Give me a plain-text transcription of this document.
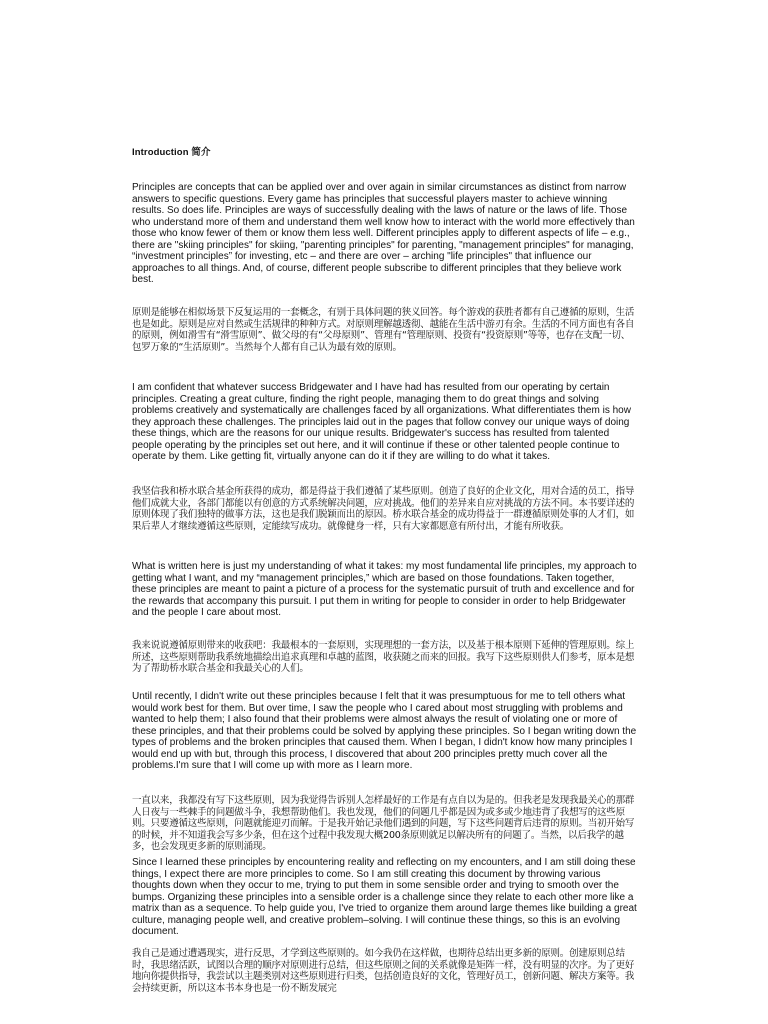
Introduction 简介

Principles are concepts that can be applied over and over again in similar circumstances as distinct from narrow answers to specific questions. Every game has principles that successful players master to achieve winning results. So does life. Principles are ways of successfully dealing with the laws of nature or the laws of life. Those who understand more of them and understand them well know how to interact with the world more effectively than those who know fewer of them or know them less well. Different principles apply to different aspects of life – e.g., there are "skiing principles" for skiing, "parenting principles" for parenting, "management principles" for managing, “investment principles” for investing, etc – and there are over – arching "life principles" that influence our approaches to all things. And, of course, different people subscribe to different principles that they believe work best.

原则是能够在相似场景下反复运用的一套概念，有别于具体问题的狭义回答。每个游戏的获胜者都有自己遵循的原则，生活也是如此。原则是应对自然或生活规律的种种方式。对原则理解越透彻、越能在生活中游刃有余。生活的不同方面也有各自的原则，例如滑雪有“滑雪原则”、做父母的有“父母原则”、管理有“管理原则、投资有“投资原则”等等，也存在支配一切、包罗万象的“生活原则”。当然每个人都有自己认为最有效的原则。

I am confident that whatever success Bridgewater and I have had has resulted from our operating by certain principles. Creating a great culture, finding the right people, managing them to do great things and solving problems creatively and systematically are challenges faced by all organizations. What differentiates them is how they approach these challenges. The principles laid out in the pages that follow convey our unique ways of doing these things, which are the reasons for our unique results. Bridgewater's success has resulted from talented people operating by the principles set out here, and it will continue if these or other talented people continue to operate by them. Like getting fit, virtually anyone can do it if they are willing to do what it takes.

我坚信我和桥水联合基金所获得的成功，都是得益于我们遵循了某些原则。创造了良好的企业文化，用对合适的员工，指导他们成就大业，各部门都能以有创意的方式系统解决问题，应对挑战。他们的差异来自应对挑战的方法不同。本书要详述的原则体现了我们独特的做事方法，这也是我们脱颖而出的原因。桥水联合基金的成功得益于一群遵循原则处事的人才们，如果后辈人才继续遵循这些原则，定能续写成功。就像健身一样，只有大家都愿意有所付出，才能有所收获。

What is written here is just my understanding of what it takes: my most fundamental life principles, my approach to getting what I want, and my “management principles,” which are based on those foundations. Taken together, these principles are meant to paint a picture of a process for the systematic pursuit of truth and excellence and for the rewards that accompany this pursuit. I put them in writing for people to consider in order to help Bridgewater and the people I care about most.

我来说说遵循原则带来的收获吧：我最根本的一套原则，实现理想的一套方法，以及基于根本原则下延伸的管理原则。综上所述，这些原则帮助我系统地描绘出追求真理和卓越的蓝图，收获随之而来的回报。我写下这些原则供人们参考，原本是想为了帮助桥水联合基金和我最关心的人们。

Until recently, I didn't write out these principles because I felt that it was presumptuous for me to tell others what would work best for them. But over time, I saw the people who I cared about most struggling with problems and wanted to help them; I also found that their problems were almost always the result of violating one or more of these principles, and that their problems could be solved by applying these principles. So I began writing down the types of problems and the broken principles that caused them. When I began, I didn't know how many principles I would end up with but, through this process, I discovered that about 200 principles pretty much cover all the problems.I'm sure that I will come up with more as I learn more.

一直以来，我都没有写下这些原则，因为我觉得告诉别人怎样最好的工作是有点自以为是的。但我老是发现我最关心的那群人日夜与一些棘手的问题做斗争，我想帮助他们。我也发现，他们的问题几乎都是因为或多或少地违背了我想写的这些原则。只要遵循这些原则，问题就能迎刃而解。于是我开始记录他们遇到的问题，写下这些问题背后违背的原则。当初开始写的时候，并不知道我会写多少条，但在这个过程中我发现大概200条原则就足以解决所有的问题了。当然，以后我学的越多，也会发现更多新的原则涌现。

Since I learned these principles by encountering reality and reflecting on my encounters, and I am still doing these things, I expect there are more principles to come. So I am still creating this document by throwing various thoughts down when they occur to me, trying to put them in some sensible order and trying to smooth over the bumps. Organizing these principles into a sensible order is a challenge since they relate to each other more like a matrix than as a sequence. To help guide you, I've tried to organize them around large themes like building a great culture, managing people well, and creative problem–solving. I will continue these things, so this is an evolving document.

我自己是通过遭遇现实，进行反思，才学到这些原则的。如今我仍在这样做，也期待总结出更多新的原则。创建原则总结时，我思绪活跃，试图以合理的顺序对原则进行总结，但这些原则之间的关系就像是矩阵一样，没有明显的次序。为了更好地向你提供指导，我尝试以主题类别对这些原则进行归类，包括创造良好的文化，管理好员工，创新问题、解决方案等。我会持续更新，所以这本书本身也是一份不断发展完
